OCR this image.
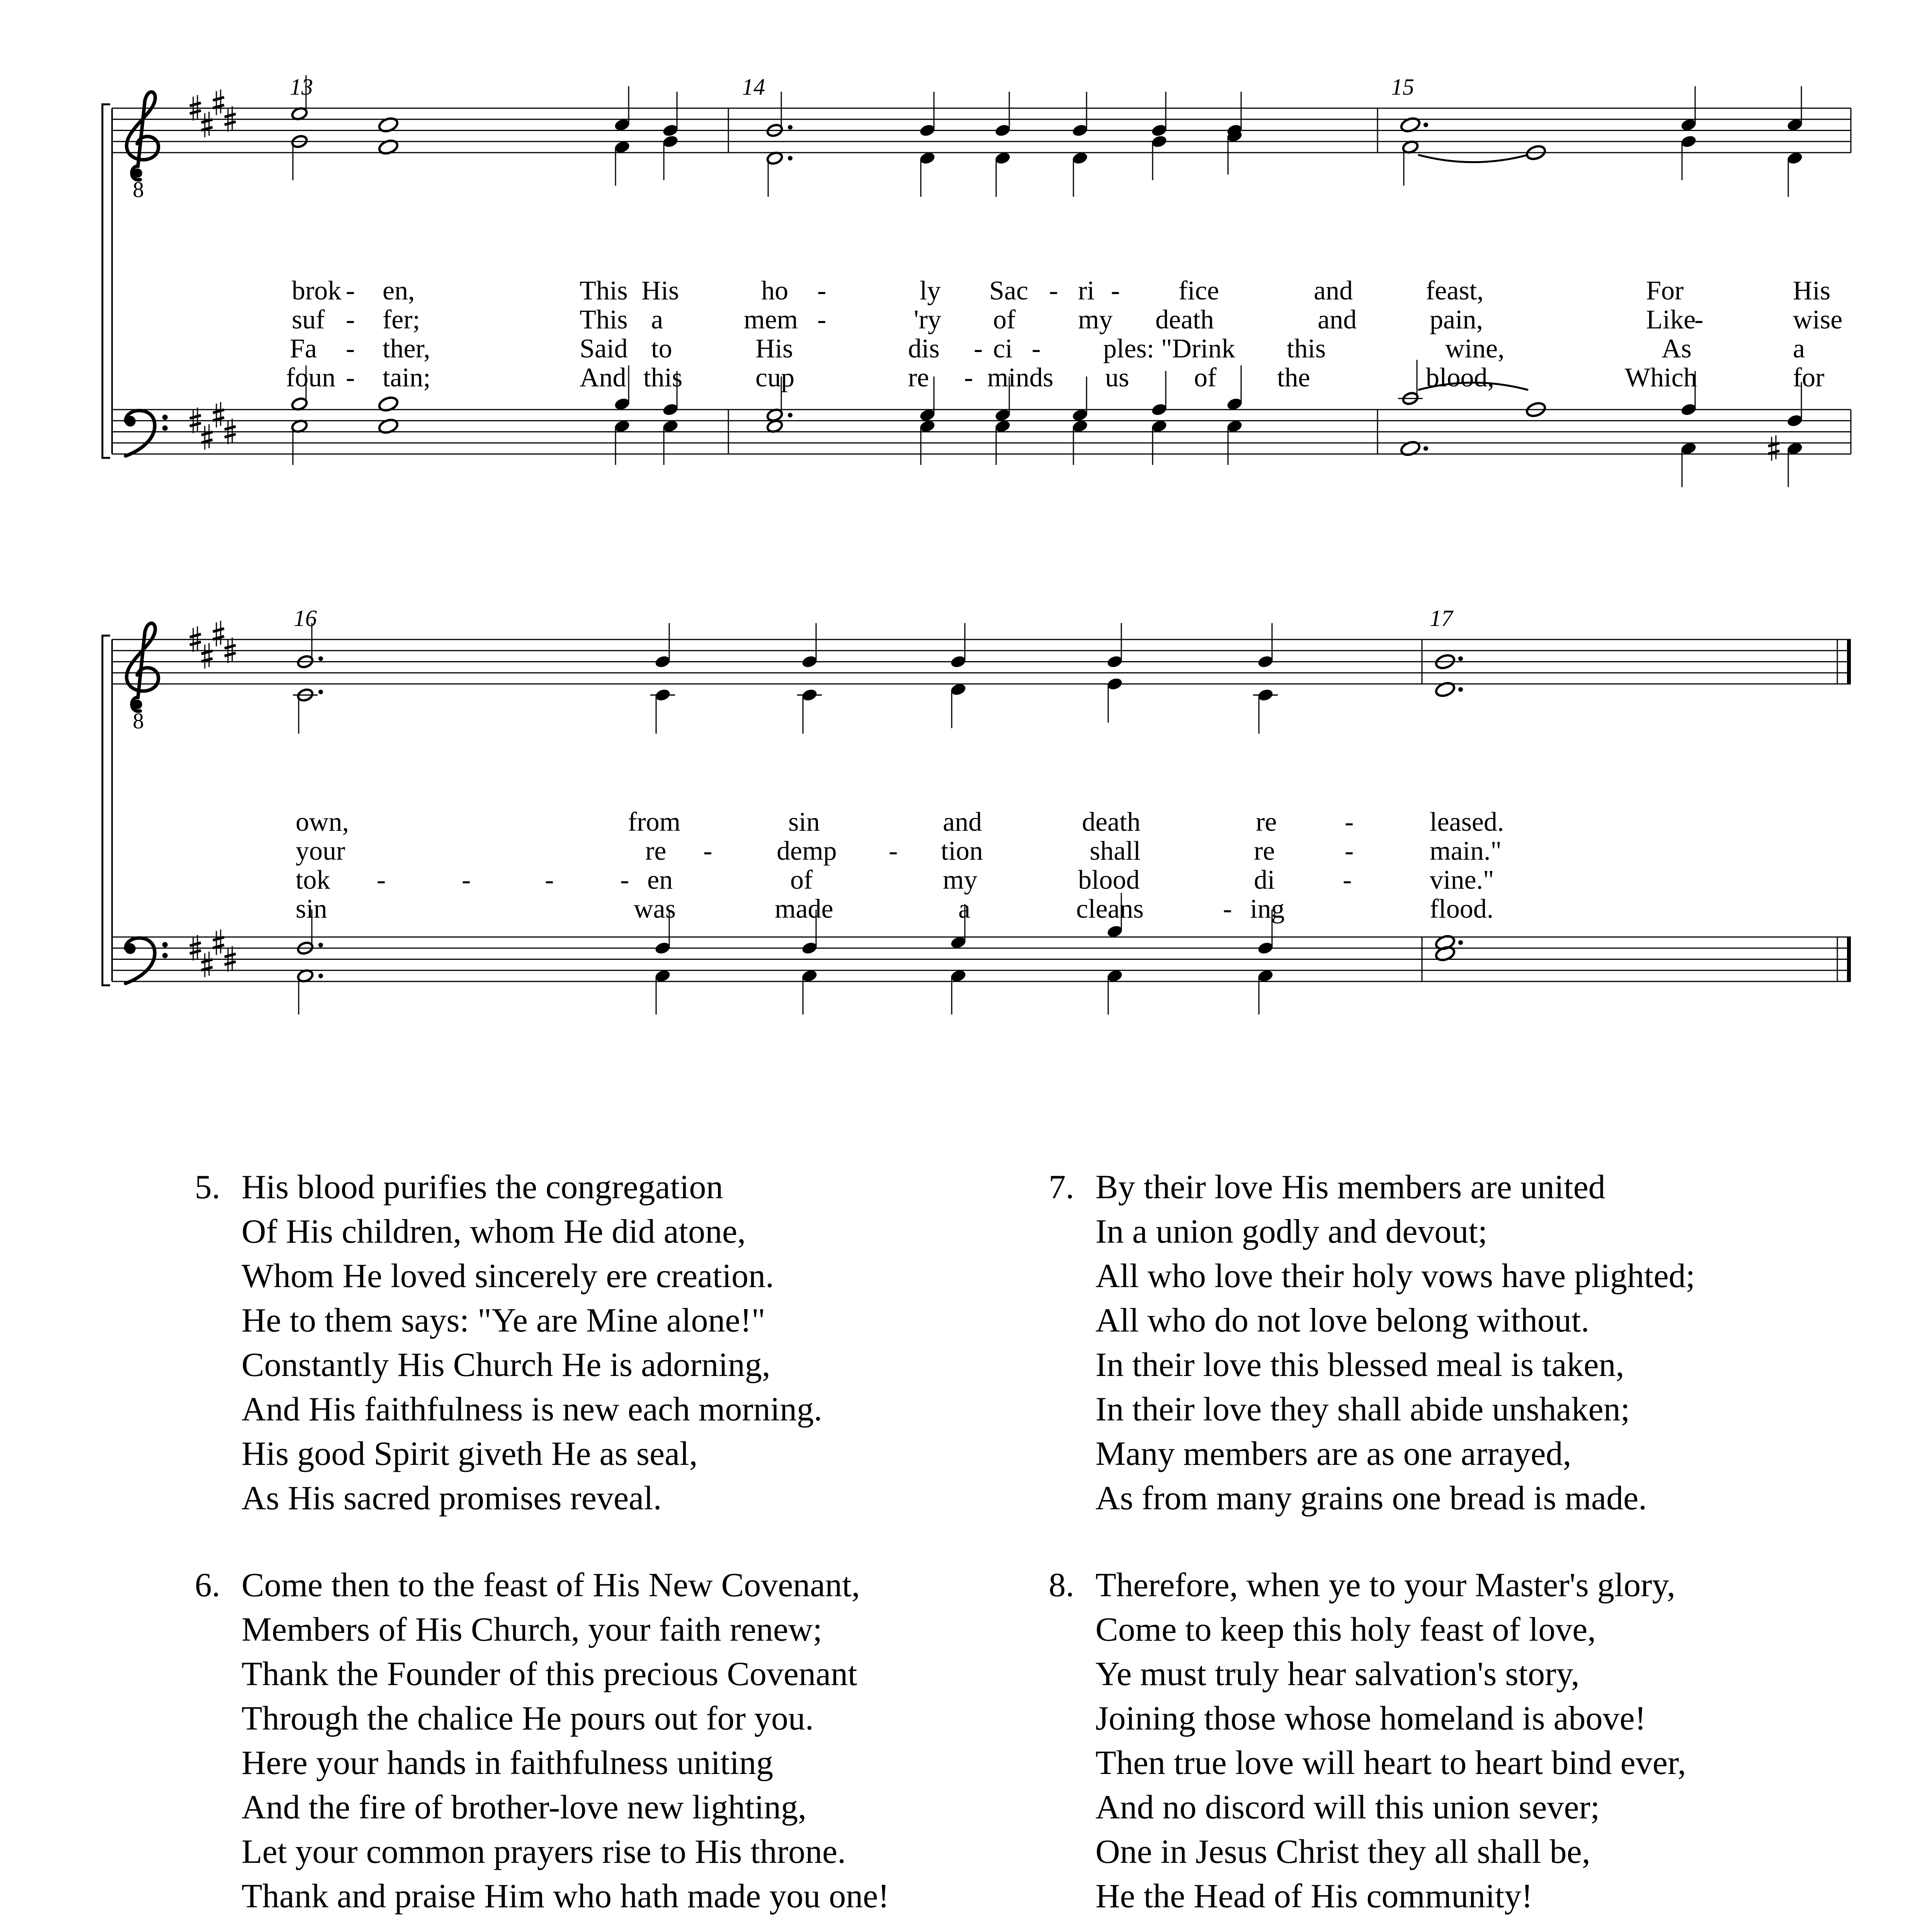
8
13	14	15
brok - en,	This His	ho -	ly Sac - ri - fice	and	feast,	For	His
suf - fer;	This a	mem -	'ry of my death	and	pain,	Like
-	wise
Fa - ther,	Said to	His	dis - ci - ples: "Drink this	wine,	As	a
foun - tain;	And this	cup	re - minds us of the	blood,	Which	for
8
16	17
own,	from	sin	and	death	re	-	leased.
your	re - demp - tion	shall	re	-	main."
tok -	-	- - en	of	my	blood	di	-	vine."
sin	was	made	a	cleans	- ing	flood.
5. His blood purifies the congregation
Of His children, whom He did atone,
Whom He loved sincerely ere creation.
He to them says: "Ye are Mine alone!"
Constantly His Church He is adorning,
And His faithfulness is new each morning.
His good Spirit giveth He as seal,
As His sacred promises reveal.
6. Come then to the feast of His New Covenant,
Members of His Church, your faith renew;
Thank the Founder of this precious Covenant
Through the chalice He pours out for you.
Here your hands in faithfulness uniting
And the fire of brother-love new lighting,
Let your common prayers rise to His throne.
Thank and praise Him who hath made you one!
7. By their love His members are united
In a union godly and devout;
All who love their holy vows have plighted;
All who do not love belong without.
In their love this blessed meal is taken,
In their love they shall abide unshaken;
Many members are as one arrayed,
As from many grains one bread is made.
8. Therefore, when ye to your Master's glory,
Come to keep this holy feast of love,
Ye must truly hear salvation's story,
Joining those whose homeland is above!
Then true love will heart to heart bind ever,
And no discord will this union sever;
One in Jesus Christ they all shall be,
He the Head of His community!
